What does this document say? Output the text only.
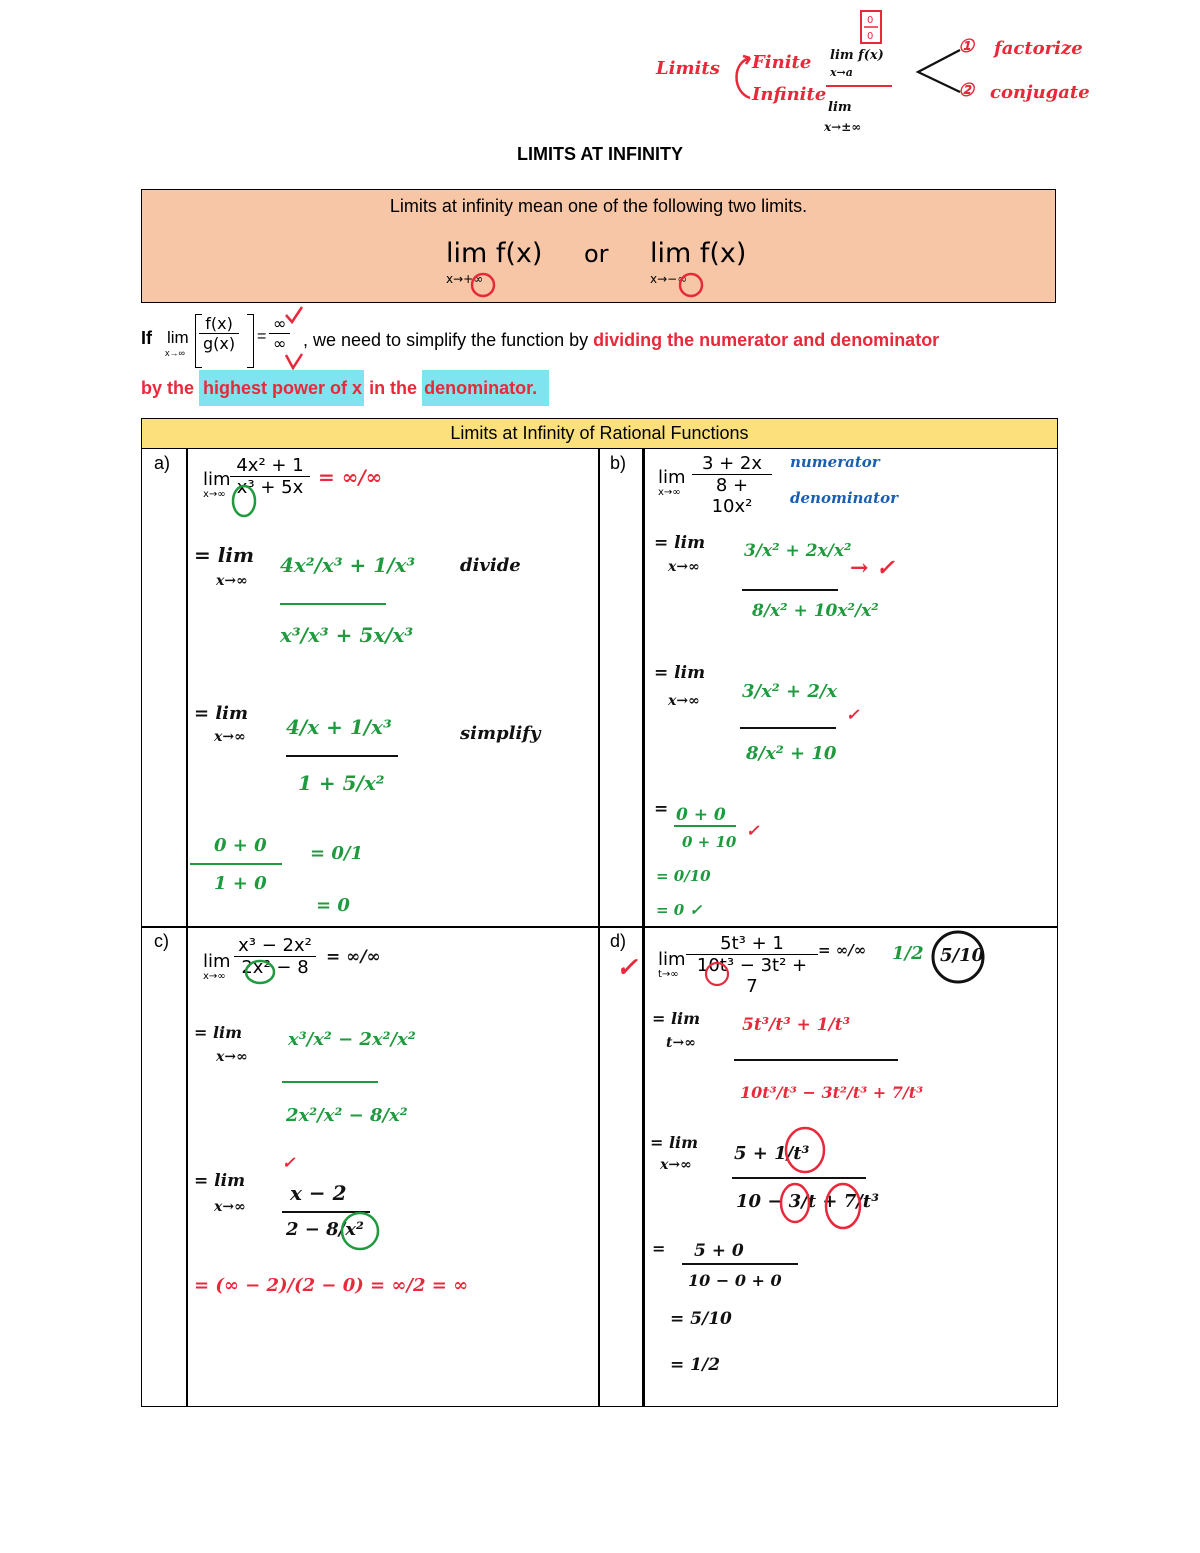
Limits Finite
Infinite
0
0
lim f(x)
x→a
lim
x→±∞
① factorize
② conjugate
LIMITS AT INFINITY
Limits at infinity mean one of the following two limits.
lim f(x)
x→+∞
or lim f(x)
x→−∞
If lim
$x\to\infty \frac{f(x)}{g(x)}$ =
∞
∞ , we need to simplify the function by dividing the numerator and denominator
by the highest power of x in the denominator.
Limits at Infinity of Rational Functions
a)
lim
$x\to\infty \frac{\text{4x² + 1}}{\text{x³ + 5x}}$ = ∞/∞
= lim
x→∞
4x²/x³ + 1/x³
x³/x³ + 5x/x³
divide
= lim
x→∞ 4/x + 1/x³
1 + 5/x²
simplify
0 + 0
1 + 0
= 0/1
= 0
b)
lim
$x\to\infty \frac{3 + 2x}{\text{8 + 10x²}}$ numerator
denominator
= lim
x→∞
3/x² + 2x/x²
8/x² + 10x²/x²
→ ✓
= lim
x→∞ 3/x² + 2/x
8/x² + 10
✓
= 0 + 0
0 + 10
✓
= 0/10
= 0 ✓
c)
lim
$x\to\infty \frac{\text{x³ − 2x²}}{\text{2x² − 8}}$ = ∞/∞
= lim
x→∞
x³/x² − 2x²/x²
2x²/x² − 8/x²
= lim
x→∞
✓
x − 2
2 − 8/x²
= (∞ − 2)/(2 − 0) = ∞/2 = ∞
d)
✓ lim
$t\to\infty \frac{\text{5t³ + 1}}{\text{10t³ − 3t² + 7}}$ = ∞/∞ 1/2 5/10
= lim
t→∞
5t³/t³ + 1/t³
10t³/t³ − 3t²/t³ + 7/t³
= lim
x→∞
5 + 1/t³
10 − 3/t + 7/t³
= 5 + 0
10 − 0 + 0
= 5/10
= 1/2
